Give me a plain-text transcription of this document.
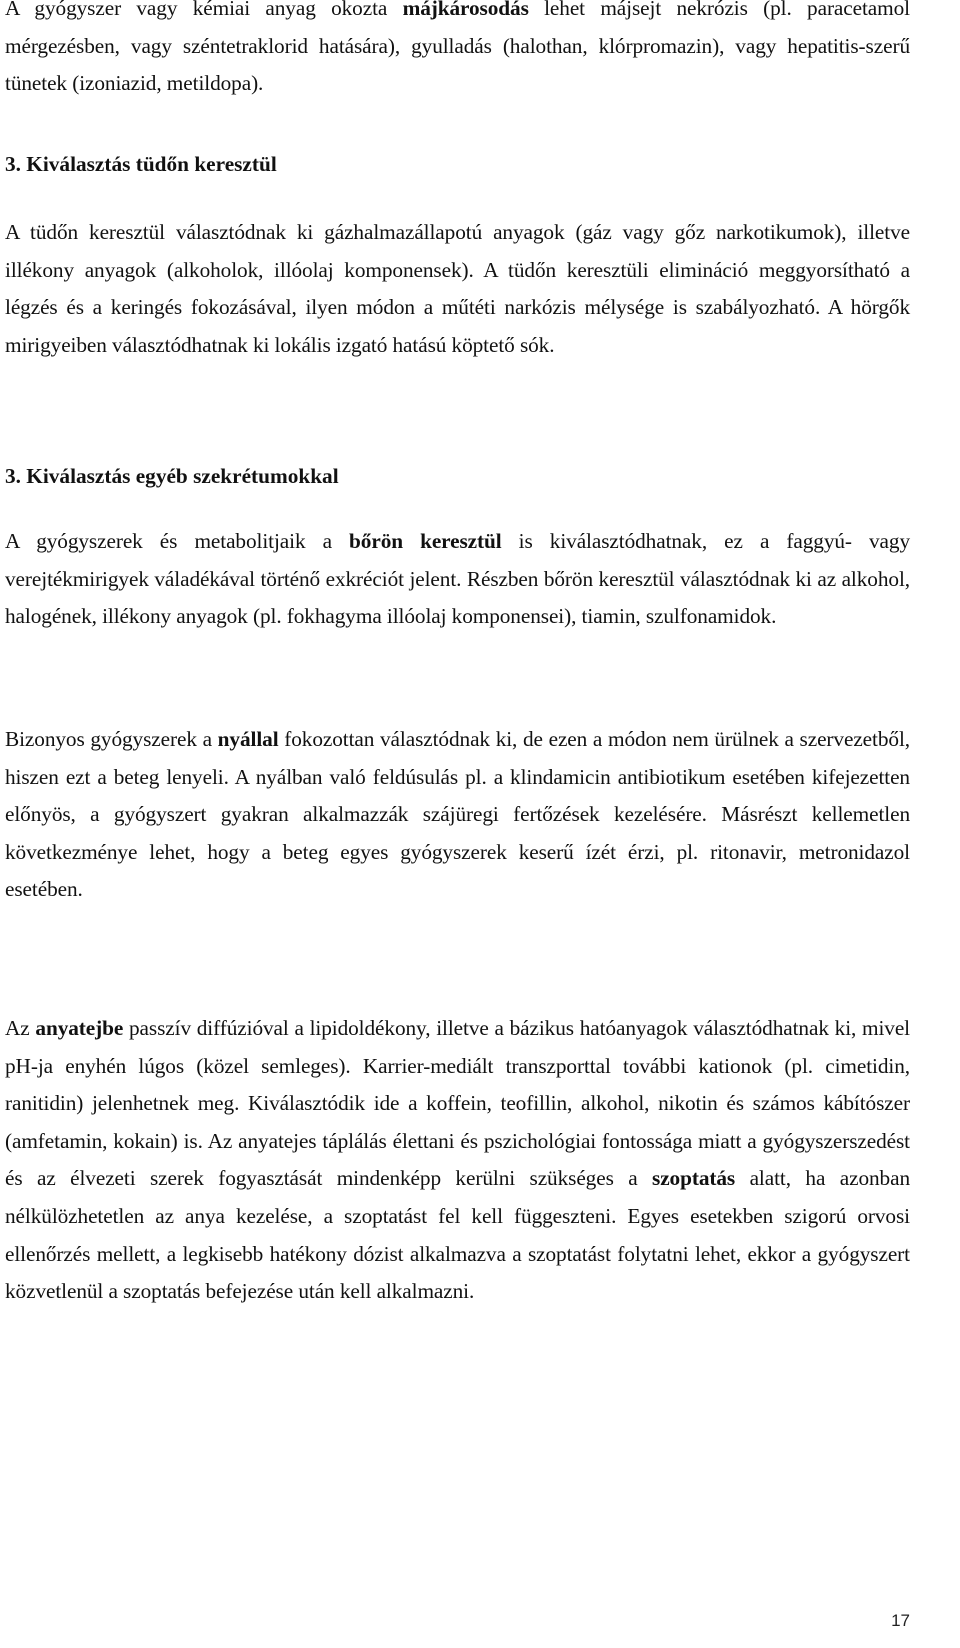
A gyógyszer vagy kémiai anyag okozta májkárosodás lehet májsejt nekrózis (pl. paracetamol mérgezésben, vagy széntetraklorid hatására), gyulladás (halothan, klórpromazin), vagy hepatitis-szerű tünetek (izoniazid, metildopa).

3. Kiválasztás tüdőn keresztül

A tüdőn keresztül választódnak ki gázhalmazállapotú anyagok (gáz vagy gőz narkotikumok), illetve illékony anyagok (alkoholok, illóolaj komponensek). A tüdőn keresztüli elimináció meggyorsítható a légzés és a keringés fokozásával, ilyen módon a műtéti narkózis mélysége is szabályozható. A hörgők mirigyeiben választódhatnak ki lokális izgató hatású köptető sók.

3. Kiválasztás egyéb szekrétumokkal

A gyógyszerek és metabolitjaik a bőrön keresztül is kiválasztódhatnak, ez a faggyú- vagy verejtékmirigyek váladékával történő exkréciót jelent. Részben bőrön keresztül választódnak ki az alkohol, halogének, illékony anyagok (pl. fokhagyma illóolaj komponensei), tiamin, szulfonamidok.

Bizonyos gyógyszerek a nyállal fokozottan választódnak ki, de ezen a módon nem ürülnek a szervezetből, hiszen ezt a beteg lenyeli. A nyálban való feldúsulás pl. a klindamicin antibiotikum esetében kifejezetten előnyös, a gyógyszert gyakran alkalmazzák szájüregi fertőzések kezelésére. Másrészt kellemetlen következménye lehet, hogy a beteg egyes gyógyszerek keserű ízét érzi, pl. ritonavir, metronidazol esetében.

Az anyatejbe passzív diffúzióval a lipidoldékony, illetve a bázikus hatóanyagok választódhatnak ki, mivel pH-ja enyhén lúgos (közel semleges). Karrier-mediált transzporttal további kationok (pl. cimetidin, ranitidin) jelenhetnek meg. Kiválasztódik ide a koffein, teofillin, alkohol, nikotin és számos kábítószer (amfetamin, kokain) is. Az anyatejes táplálás élettani és pszichológiai fontossága miatt a gyógyszerszedést és az élvezeti szerek fogyasztását mindenképp kerülni szükséges a szoptatás alatt, ha azonban nélkülözhetetlen az anya kezelése, a szoptatást fel kell függeszteni. Egyes esetekben szigorú orvosi ellenőrzés mellett, a legkisebb hatékony dózist alkalmazva a szoptatást folytatni lehet, ekkor a gyógyszert közvetlenül a szoptatás befejezése után kell alkalmazni.

17
